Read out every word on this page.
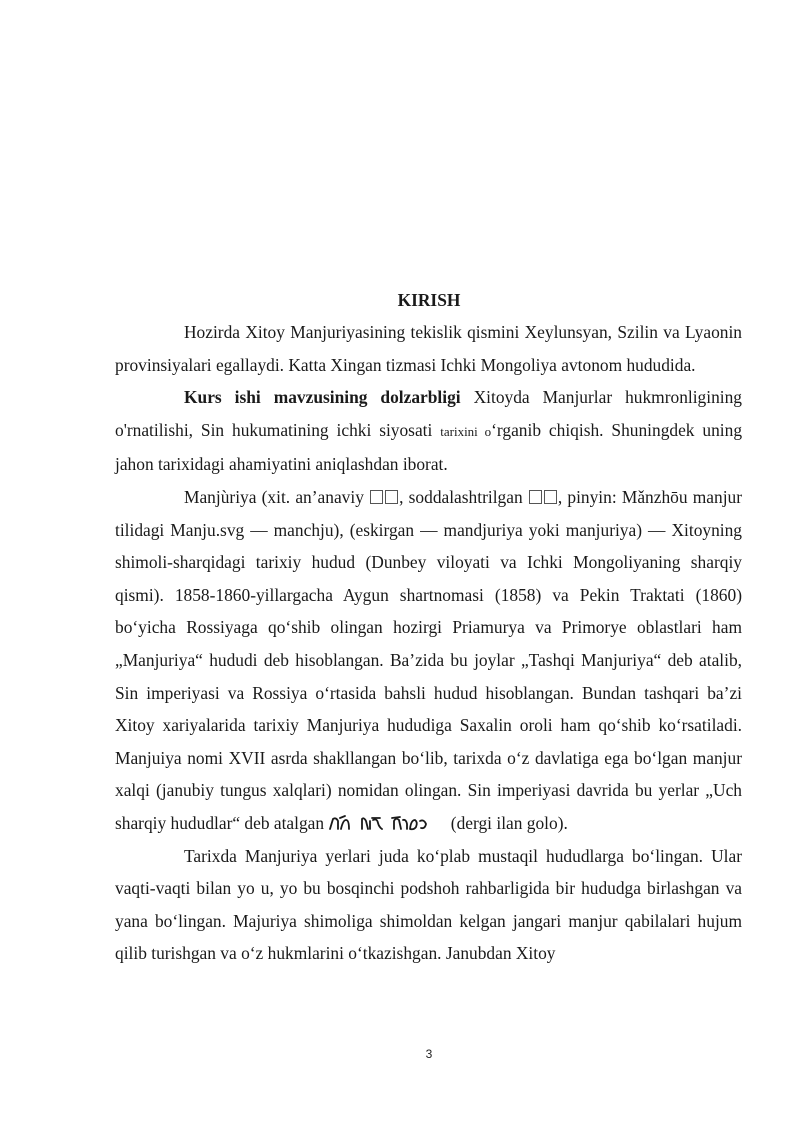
KIRISH

Hozirda Xitoy Manjuriyasining tekislik qismini Xeylunsyan, Szilin va Lyaonin provinsiyalari egallaydi. Katta Xingan tizmasi Ichki Mongoliya avtonom hududida.

Kurs ishi mavzusining dolzarbligi Xitoyda Manjurlar hukmronligining o'rnatilishi, Sin hukumatining ichki siyosati tarixini o‘rganib chiqish. Shuningdek uning jahon tarixidagi ahamiyatini aniqlashdan iborat.

Manjùriya (xit. an’anaviy , soddalashtrilgan , pinyin: Mǎnzhōu manjur tilidagi Manju.svg — manchju), (eskirgan — mandjuriya yoki manjuriya) — Xitoyning shimoli-sharqidagi tarixiy hudud (Dunbey viloyati va Ichki Mongoliyaning sharqiy qismi). 1858-1860-yillargacha Aygun shartnomasi (1858) va Pekin Traktati (1860) bo‘yicha Rossiyaga qo‘shib olingan hozirgi Priamurya va Primorye oblastlari ham „Manjuriya“ hududi deb hisoblangan. Ba’zida bu joylar „Tashqi Manjuriya“ deb atalib, Sin imperiyasi va Rossiya o‘rtasida bahsli hudud hisoblangan. Bundan tashqari ba’zi Xitoy xariyalarida tarixiy Manjuriya hududiga Saxalin oroli ham qo‘shib ko‘rsatiladi. Manjuiya nomi XVII asrda shakllangan bo‘lib, tarixda o‘z davlatiga ega bo‘lgan manjur xalqi (janubiy tungus xalqlari) nomidan olingan. Sin imperiyasi davrida bu yerlar „Uch sharqiy hududlar“ deb atalgan	(dergi ilan golo).

Tarixda Manjuriya yerlari juda ko‘plab mustaqil hududlarga bo‘lingan. Ular vaqti-vaqti bilan yo u, yo bu bosqinchi podshoh rahbarligida bir hududga birlashgan va yana bo‘lingan. Majuriya shimoliga shimoldan kelgan jangari manjur qabilalari hujum qilib turishgan va o‘z hukmlarini o‘tkazishgan. Janubdan Xitoy

3
